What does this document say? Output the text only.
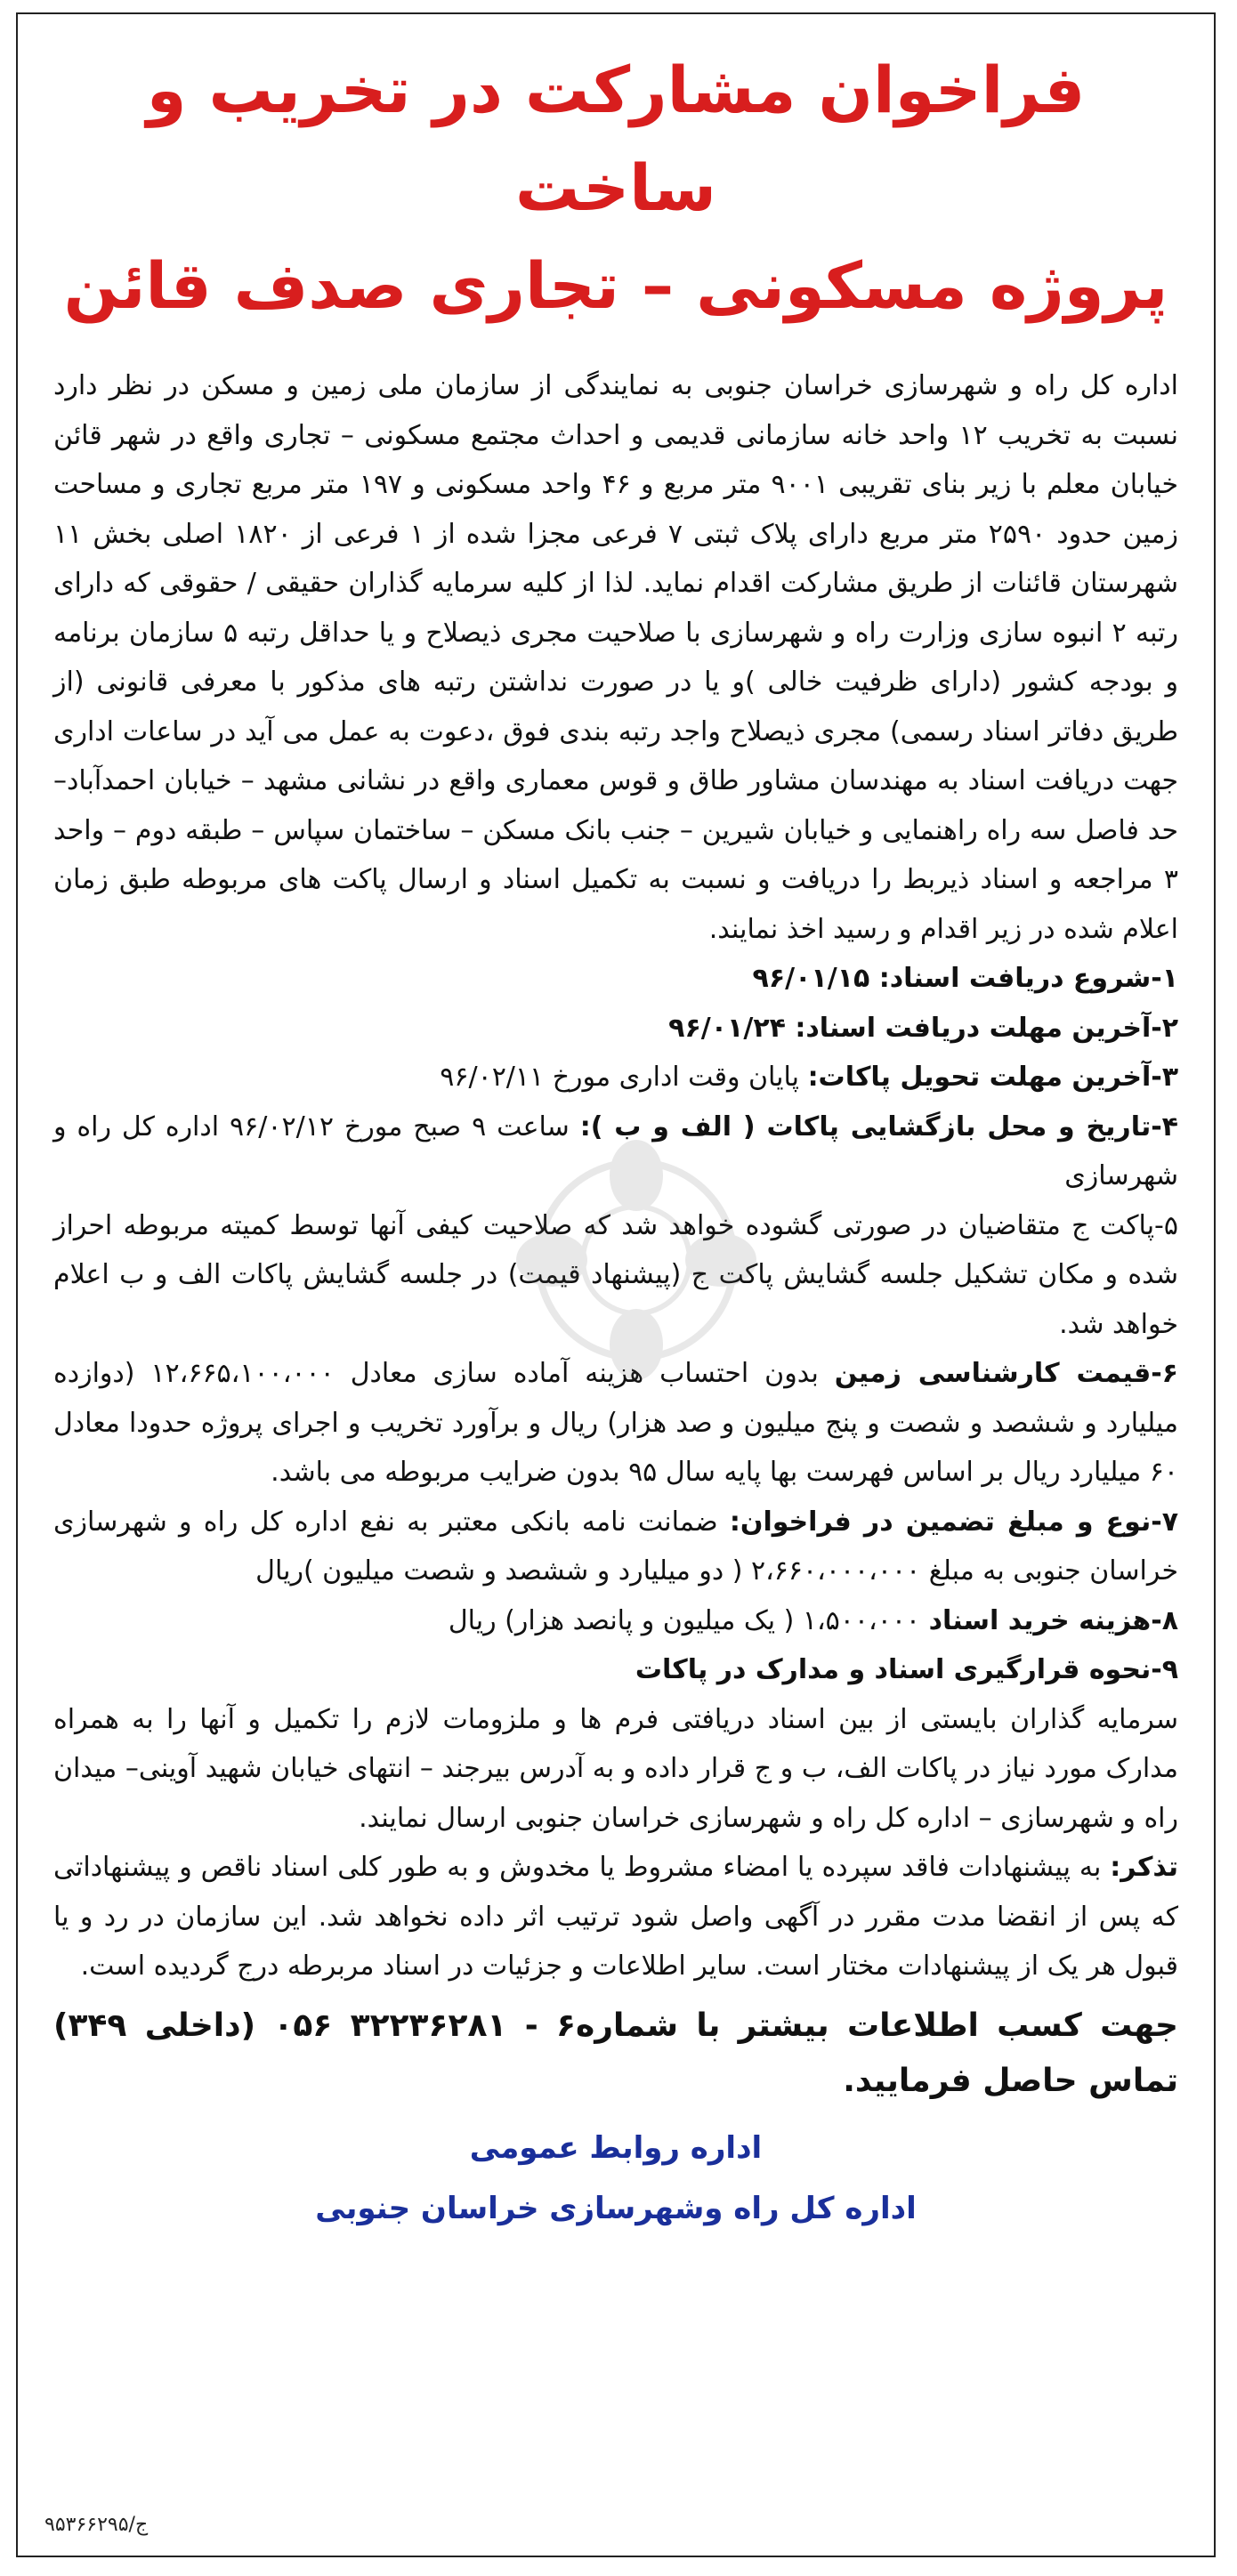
فراخوان مشارکت در تخریب و ساخت
پروژه مسکونی – تجاری صدف قائن

اداره کل راه و شهرسازی خراسان جنوبی به نمایندگی از سازمان ملی زمین و مسکن در نظر دارد نسبت به تخریب ۱۲ واحد خانه سازمانی قدیمی و احداث مجتمع مسکونی – تجاری واقع در شهر قائن خیابان معلم با زیر بنای تقریبی ۹۰۰۱ متر مربع و ۴۶ واحد مسکونی و ۱۹۷ متر مربع تجاری و مساحت زمین حدود ۲۵۹۰ متر مربع دارای پلاک ثبتی ۷ فرعی مجزا شده از ۱ فرعی از ۱۸۲۰ اصلی بخش ۱۱ شهرستان قائنات از طریق مشارکت اقدام نماید. لذا از کلیه سرمایه گذاران حقیقی / حقوقی که دارای رتبه ۲ انبوه سازی وزارت راه و شهرسازی با صلاحیت مجری ذیصلاح و یا حداقل رتبه ۵ سازمان برنامه و بودجه کشور (دارای ظرفیت خالی )و یا در صورت نداشتن رتبه های مذکور با معرفی قانونی (از طریق دفاتر اسناد رسمی) مجری ذیصلاح واجد رتبه بندی فوق ،دعوت به عمل می آید در ساعات اداری جهت دریافت اسناد به مهندسان مشاور طاق و قوس معماری واقع در نشانی مشهد – خیابان احمدآباد– حد فاصل سه راه راهنمایی و خیابان شیرین – جنب بانک مسکن – ساختمان سپاس – طبقه دوم – واحد ۳ مراجعه و اسناد ذیربط را دریافت و نسبت به تکمیل اسناد و ارسال پاکت های مربوطه طبق زمان اعلام شده در زیر اقدام و رسید اخذ نمایند.

۱-شروع دریافت اسناد: ۹۶/۰۱/۱۵

۲-آخرین مهلت دریافت اسناد: ۹۶/۰۱/۲۴

۳-آخرین مهلت تحویل پاکات: پایان وقت اداری مورخ ۹۶/۰۲/۱۱

۴-تاریخ و محل بازگشایی پاکات ( الف و ب ): ساعت ۹ صبح مورخ ۹۶/۰۲/۱۲ اداره کل راه و شهرسازی

۵-پاکت ج متقاضیان در صورتی گشوده خواهد شد که صلاحیت کیفی آنها توسط کمیته مربوطه احراز شده و مکان تشکیل جلسه گشایش پاکت ج (پیشنهاد قیمت) در جلسه گشایش پاکات الف و ب اعلام خواهد شد.

۶-قیمت کارشناسی زمین بدون احتساب هزینه آماده سازی معادل ۱۲،۶۶۵،۱۰۰،۰۰۰ (دوازده میلیارد و ششصد و شصت و پنج میلیون و صد هزار) ریال و برآورد تخریب و اجرای پروژه حدودا معادل ۶۰ میلیارد ریال بر اساس فهرست بها پایه سال ۹۵ بدون ضرایب مربوطه می باشد.

۷-نوع و مبلغ تضمین در فراخوان: ضمانت نامه بانکی معتبر به نفع اداره کل راه و شهرسازی خراسان جنوبی به مبلغ ۲،۶۶۰،۰۰۰،۰۰۰ ( دو میلیارد و ششصد و شصت میلیون )ریال

۸-هزینه خرید اسناد ۱،۵۰۰،۰۰۰ ( یک میلیون و پانصد هزار) ریال

۹-نحوه قرارگیری اسناد و مدارک در پاکات

سرمایه گذاران بایستی از بین اسناد دریافتی فرم ها و ملزومات لازم را تکمیل و آنها را به همراه مدارک مورد نیاز در پاکات الف، ب و ج قرار داده و به آدرس بیرجند – انتهای خیابان شهید آوینی– میدان راه و شهرسازی – اداره کل راه و شهرسازی خراسان جنوبی ارسال نمایند.

تذکر: به پیشنهادات فاقد سپرده یا امضاء مشروط یا مخدوش و به طور کلی اسناد ناقص و پیشنهاداتی که پس از انقضا مدت مقرر در آگهی واصل شود ترتیب اثر داده نخواهد شد. این سازمان در رد و یا قبول هر یک از پیشنهادات مختار است. سایر اطلاعات و جزئیات در اسناد مربرطه درج گردیده است.

جهت کسب اطلاعات بیشتر با شماره۶ - ۳۲۲۳۶۲۸۱ ۰۵۶ (داخلی ۳۴۹) تماس حاصل فرمایید.
اداره روابط عمومی
اداره کل راه وشهرسازی خراسان جنوبی
ج/۹۵۳۶۶۲۹۵
